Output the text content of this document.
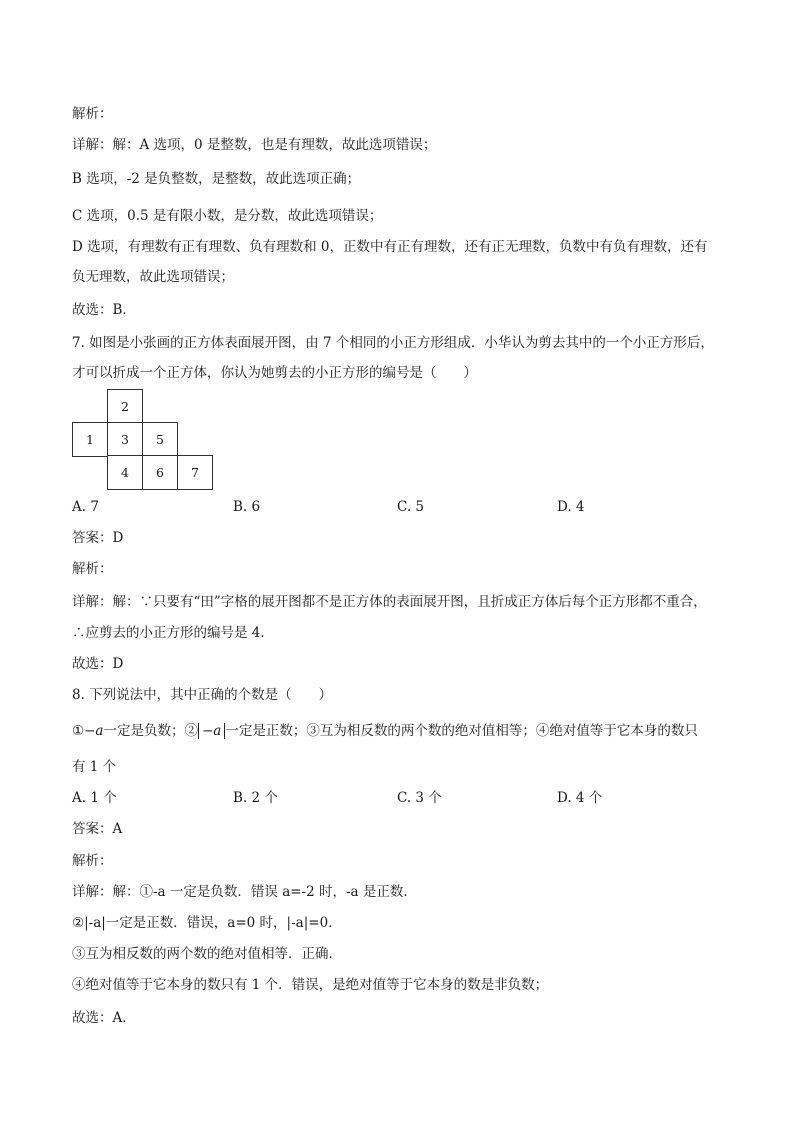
解析：
详解：解：A 选项，0 是整数，也是有理数，故此选项错误；
B 选项，-2 是负整数，是整数，故此选项正确；
C 选项，0.5 是有限小数，是分数，故此选项错误；
D 选项，有理数有正有理数、负有理数和 0，正数中有正有理数，还有正无理数，负数中有负有理数，还有
负无理数，故此选项错误；
故选：B．
7. 如图是小张画的正方体表面展开图，由 7 个相同的小正方形组成．小华认为剪去其中的一个小正方形后，
才可以折成一个正方体，你认为她剪去的小正方形的编号是（　　）
2
1	3	5
4	6	7
A. 7	B. 6	C. 5	D. 4
答案：D
解析：
详解：解：∵只要有“田”字格的展开图都不是正方体的表面展开图，且折成正方体后每个正方形都不重合，
∴应剪去的小正方形的编号是 4．
故选：D
8. 下列说法中，其中正确的个数是（　　）
①−a一定是负数；② −a 一定是正数；③互为相反数的两个数的绝对值相等；④绝对值等于它本身的数只
有 1 个
A. 1 个	B. 2 个	C. 3 个	D. 4 个
答案：A
解析：
详解：解：①-a 一定是负数．错误 a=-2 时，-a 是正数．
②|-a|一定是正数．错误，a=0 时，|-a|=0．
③互为相反数的两个数的绝对值相等．正确．
④绝对值等于它本身的数只有 1 个．错误，是绝对值等于它本身的数是非负数；
故选：A．
